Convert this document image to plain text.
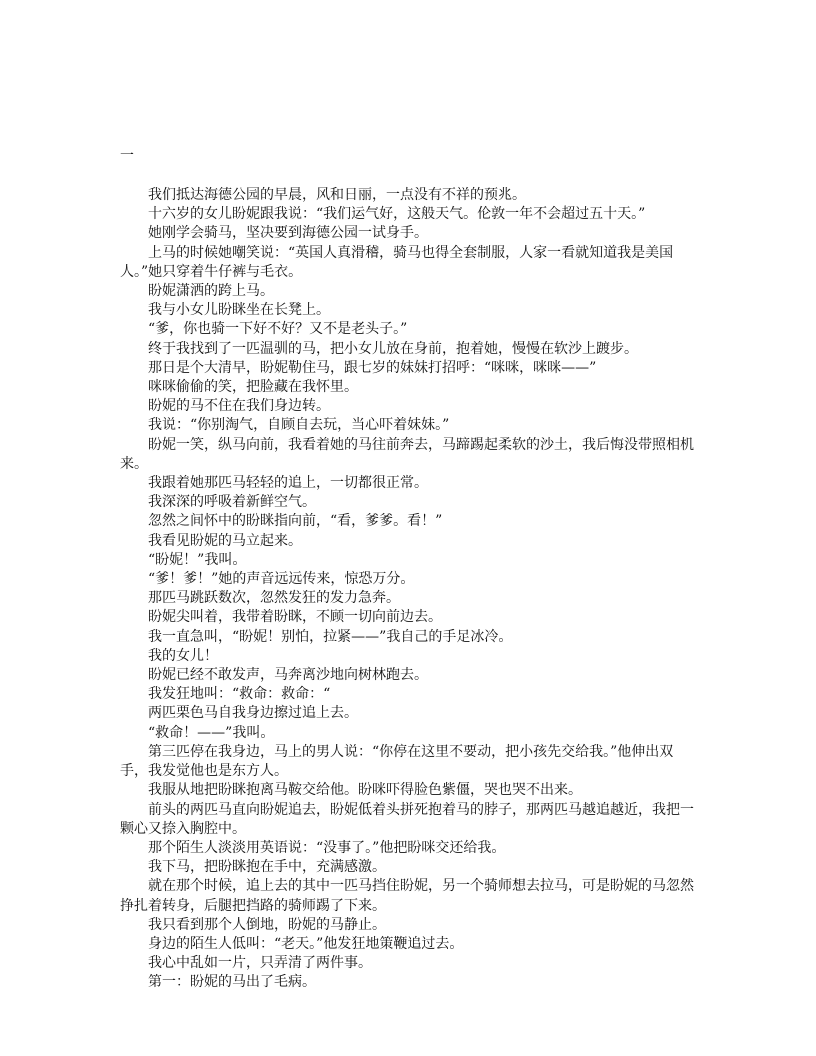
一

我们抵达海德公园的早晨，风和日丽，一点没有不祥的预兆。

十六岁的女儿盼妮跟我说：“我们运气好，这般天气。伦敦一年不会超过五十天。”

她刚学会骑马，坚决要到海德公园一试身手。

上马的时候她嘲笑说：“英国人真滑稽，骑马也得全套制服，人家一看就知道我是美国人。”她只穿着牛仔裤与毛衣。

盼妮潇洒的跨上马。

我与小女儿盼眯坐在长凳上。

“爹，你也骑一下好不好？又不是老头子。”

终于我找到了一匹温驯的马，把小女儿放在身前，抱着她，慢慢在软沙上踱步。

那日是个大清早，盼妮勒住马，跟七岁的妹妹打招呼：“咪咪，咪咪——”

咪咪偷偷的笑，把脸藏在我怀里。

盼妮的马不住在我们身边转。

我说：“你别淘气，自顾自去玩，当心吓着妹妹。”

盼妮一笑，纵马向前，我看着她的马往前奔去，马蹄踢起柔软的沙土，我后悔没带照相机来。

我跟着她那匹马轻轻的追上，一切都很正常。

我深深的呼吸着新鲜空气。

忽然之间怀中的盼眯指向前，“看，爹爹。看！”

我看见盼妮的马立起来。

“盼妮！”我叫。

“爹！爹！”她的声音远远传来，惊恐万分。

那匹马跳跃数次，忽然发狂的发力急奔。

盼妮尖叫着，我带着盼眯，不顾一切向前边去。

我一直急叫，“盼妮！别怕，拉紧——”我自己的手足冰冷。

我的女儿！

盼妮已经不敢发声，马奔离沙地向树林跑去。

我发狂地叫：“救命：救命：“

两匹栗色马自我身边擦过追上去。

“救命！——”我叫。

第三匹停在我身边，马上的男人说：“你停在这里不要动，把小孩先交给我。”他伸出双手，我发觉他也是东方人。

我服从地把盼眯抱离马鞍交给他。盼咪吓得脸色紫僵，哭也哭不出来。

前头的两匹马直向盼妮追去，盼妮低着头拼死抱着马的脖子，那两匹马越追越近，我把一颗心又捺入胸腔中。

那个陌生人淡淡用英语说：“没事了。”他把盼咪交还给我。

我下马，把盼眯抱在手中，充满感激。

就在那个时候，追上去的其中一匹马挡住盼妮，另一个骑师想去拉马，可是盼妮的马忽然挣扎着转身，后腿把挡路的骑师踢了下来。

我只看到那个人倒地，盼妮的马静止。

身边的陌生人低叫：“老天。”他发狂地策鞭追过去。

我心中乱如一片，只弄清了两件事。

第一：盼妮的马出了毛病。
